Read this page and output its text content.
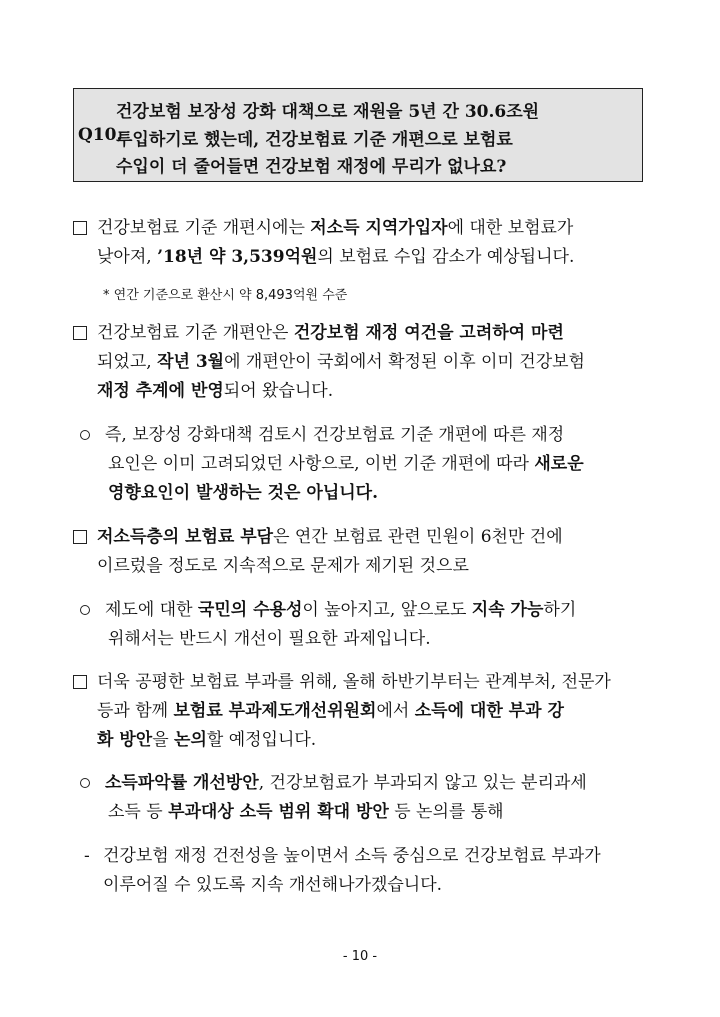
Q10.
건강보험 보장성 강화 대책으로 재원을 5년 간 30.6조원
투입하기로 했는데, 건강보험료 기준 개편으로 보험료
수입이 더 줄어들면 건강보험 재정에 무리가 없나요?
건강보험료 기준 개편시에는 저소득 지역가입자에 대한 보험료가
낮아져, ’18년 약 3,539억원의 보험료 수입 감소가 예상됩니다.
* 연간 기준으로 환산시 약 8,493억원 수준
건강보험료 기준 개편안은 건강보험 재정 여건을 고려하여 마련
되었고, 작년 3월에 개편안이 국회에서 확정된 이후 이미 건강보험
재정 추계에 반영되어 왔습니다.
즉, 보장성 강화대책 검토시 건강보험료 기준 개편에 따른 재정
요인은 이미 고려되었던 사항으로, 이번 기준 개편에 따라 새로운
영향요인이 발생하는 것은 아닙니다.
저소득층의 보험료 부담은 연간 보험료 관련 민원이 6천만 건에
이르렀을 정도로 지속적으로 문제가 제기된 것으로
제도에 대한 국민의 수용성이 높아지고, 앞으로도 지속 가능하기
위해서는 반드시 개선이 필요한 과제입니다.
더욱 공평한 보험료 부과를 위해, 올해 하반기부터는 관계부처, 전문가
등과 함께 보험료 부과제도개선위원회에서 소득에 대한 부과 강
화 방안을 논의할 예정입니다.
소득파악률 개선방안, 건강보험료가 부과되지 않고 있는 분리과세
소득 등 부과대상 소득 범위 확대 방안 등 논의를 통해
- 건강보험 재정 건전성을 높이면서 소득 중심으로 건강보험료 부과가
이루어질 수 있도록 지속 개선해나가겠습니다.
- 10 -
